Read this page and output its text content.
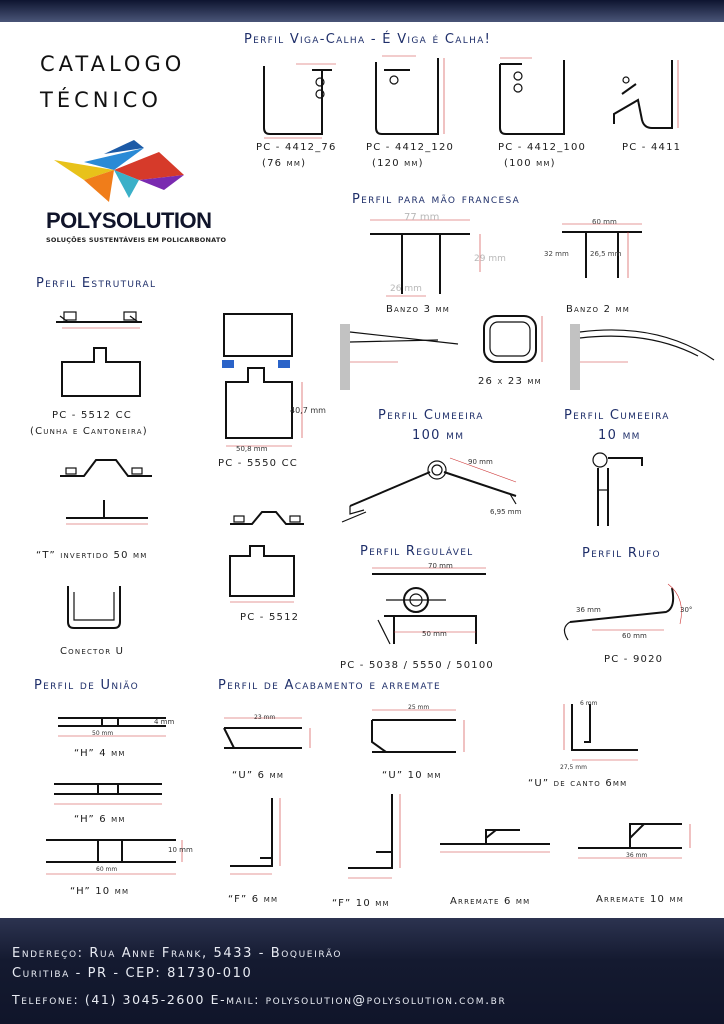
CATALOGO
TÉCNICO
POLYSOLUTION
SOLUÇÕES SUSTENTÁVEIS EM POLICARBONATO
Perfil Viga-Calha - É Viga é Calha!
PC - 4412_76
(76 mm)
PC - 4412_120
(120 mm)
PC - 4412_100
(100 mm)
PC - 4411
Perfil para mão francesa
77 mm
29 mm
26 mm
60 mm
32 mm	26,5 mm
Banzo 3 mm	Banzo 2 mm
26 x 23 mm
Perfil Estrutural
PC - 5512 CC
(Cunha e Cantoneira)
40,7 mm
50,8 mm
PC - 5550 CC
“T” invertido 50 mm
PC - 5512
Conector U
Perfil Cumeeira
100 mm
90 mm
6,95 mm
Perfil Cumeeira
10 mm
Perfil Regulável
70 mm
50 mm
PC - 5038 / 5550 / 50100
Perfil Rufo
36 mm
60 mm
30°
PC - 9020
Perfil de União
4 mm
50 mm
“H” 4 mm
“H” 6 mm
10 mm
60 mm
“H” 10 mm
Perfil de Acabamento e arremate
23 mm
“U” 6 mm
25 mm
“U” 10 mm
6 mm
27,5 mm
“U” de canto 6mm
“F” 6 mm	“F” 10 mm	Arremate 6 mm
36 mm
Arremate 10 mm
Endereço: Rua Anne Frank, 5433 - Boqueirão
Curitiba - PR - CEP: 81730-010
Telefone: (41) 3045-2600 E-mail: polysolution@polysolution.com.br
